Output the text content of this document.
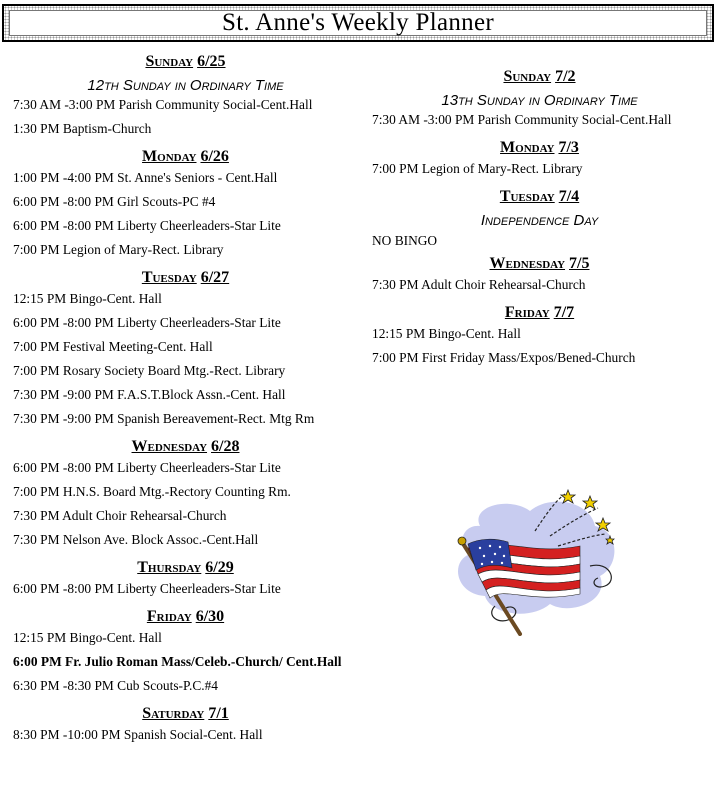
St. Anne's Weekly Planner
Sunday 6/25
12th Sunday in Ordinary Time
7:30 AM -3:00 PM Parish Community Social-Cent.Hall
1:30 PM Baptism-Church
Monday 6/26
1:00 PM -4:00 PM St. Anne's Seniors - Cent.Hall
6:00 PM -8:00 PM Girl Scouts-PC #4
6:00 PM -8:00 PM Liberty Cheerleaders-Star Lite
7:00 PM Legion of Mary-Rect. Library
Tuesday 6/27
12:15 PM Bingo-Cent. Hall
6:00 PM -8:00 PM Liberty Cheerleaders-Star Lite
7:00 PM Festival Meeting-Cent. Hall
7:00 PM Rosary Society Board Mtg.-Rect. Library
7:30 PM -9:00 PM F.A.S.T.Block Assn.-Cent. Hall
7:30 PM -9:00 PM Spanish Bereavement-Rect. Mtg Rm
Wednesday 6/28
6:00 PM -8:00 PM Liberty Cheerleaders-Star Lite
7:00 PM H.N.S. Board Mtg.-Rectory Counting Rm.
7:30 PM Adult Choir Rehearsal-Church
7:30 PM Nelson Ave. Block Assoc.-Cent.Hall
Thursday 6/29
6:00 PM -8:00 PM Liberty Cheerleaders-Star Lite
Friday 6/30
12:15 PM Bingo-Cent. Hall
6:00 PM Fr. Julio Roman Mass/Celeb.-Church/ Cent.Hall
6:30 PM -8:30 PM Cub Scouts-P.C.#4
Saturday 7/1
8:30 PM -10:00 PM Spanish Social-Cent. Hall
Sunday 7/2
13th Sunday in Ordinary Time
7:30 AM -3:00 PM Parish Community Social-Cent.Hall
Monday 7/3
7:00 PM Legion of Mary-Rect. Library
Tuesday 7/4
Independence Day
NO BINGO
Wednesday 7/5
7:30 PM Adult Choir Rehearsal-Church
Friday 7/7
12:15 PM Bingo-Cent. Hall
7:00 PM First Friday Mass/Expos/Bened-Church
